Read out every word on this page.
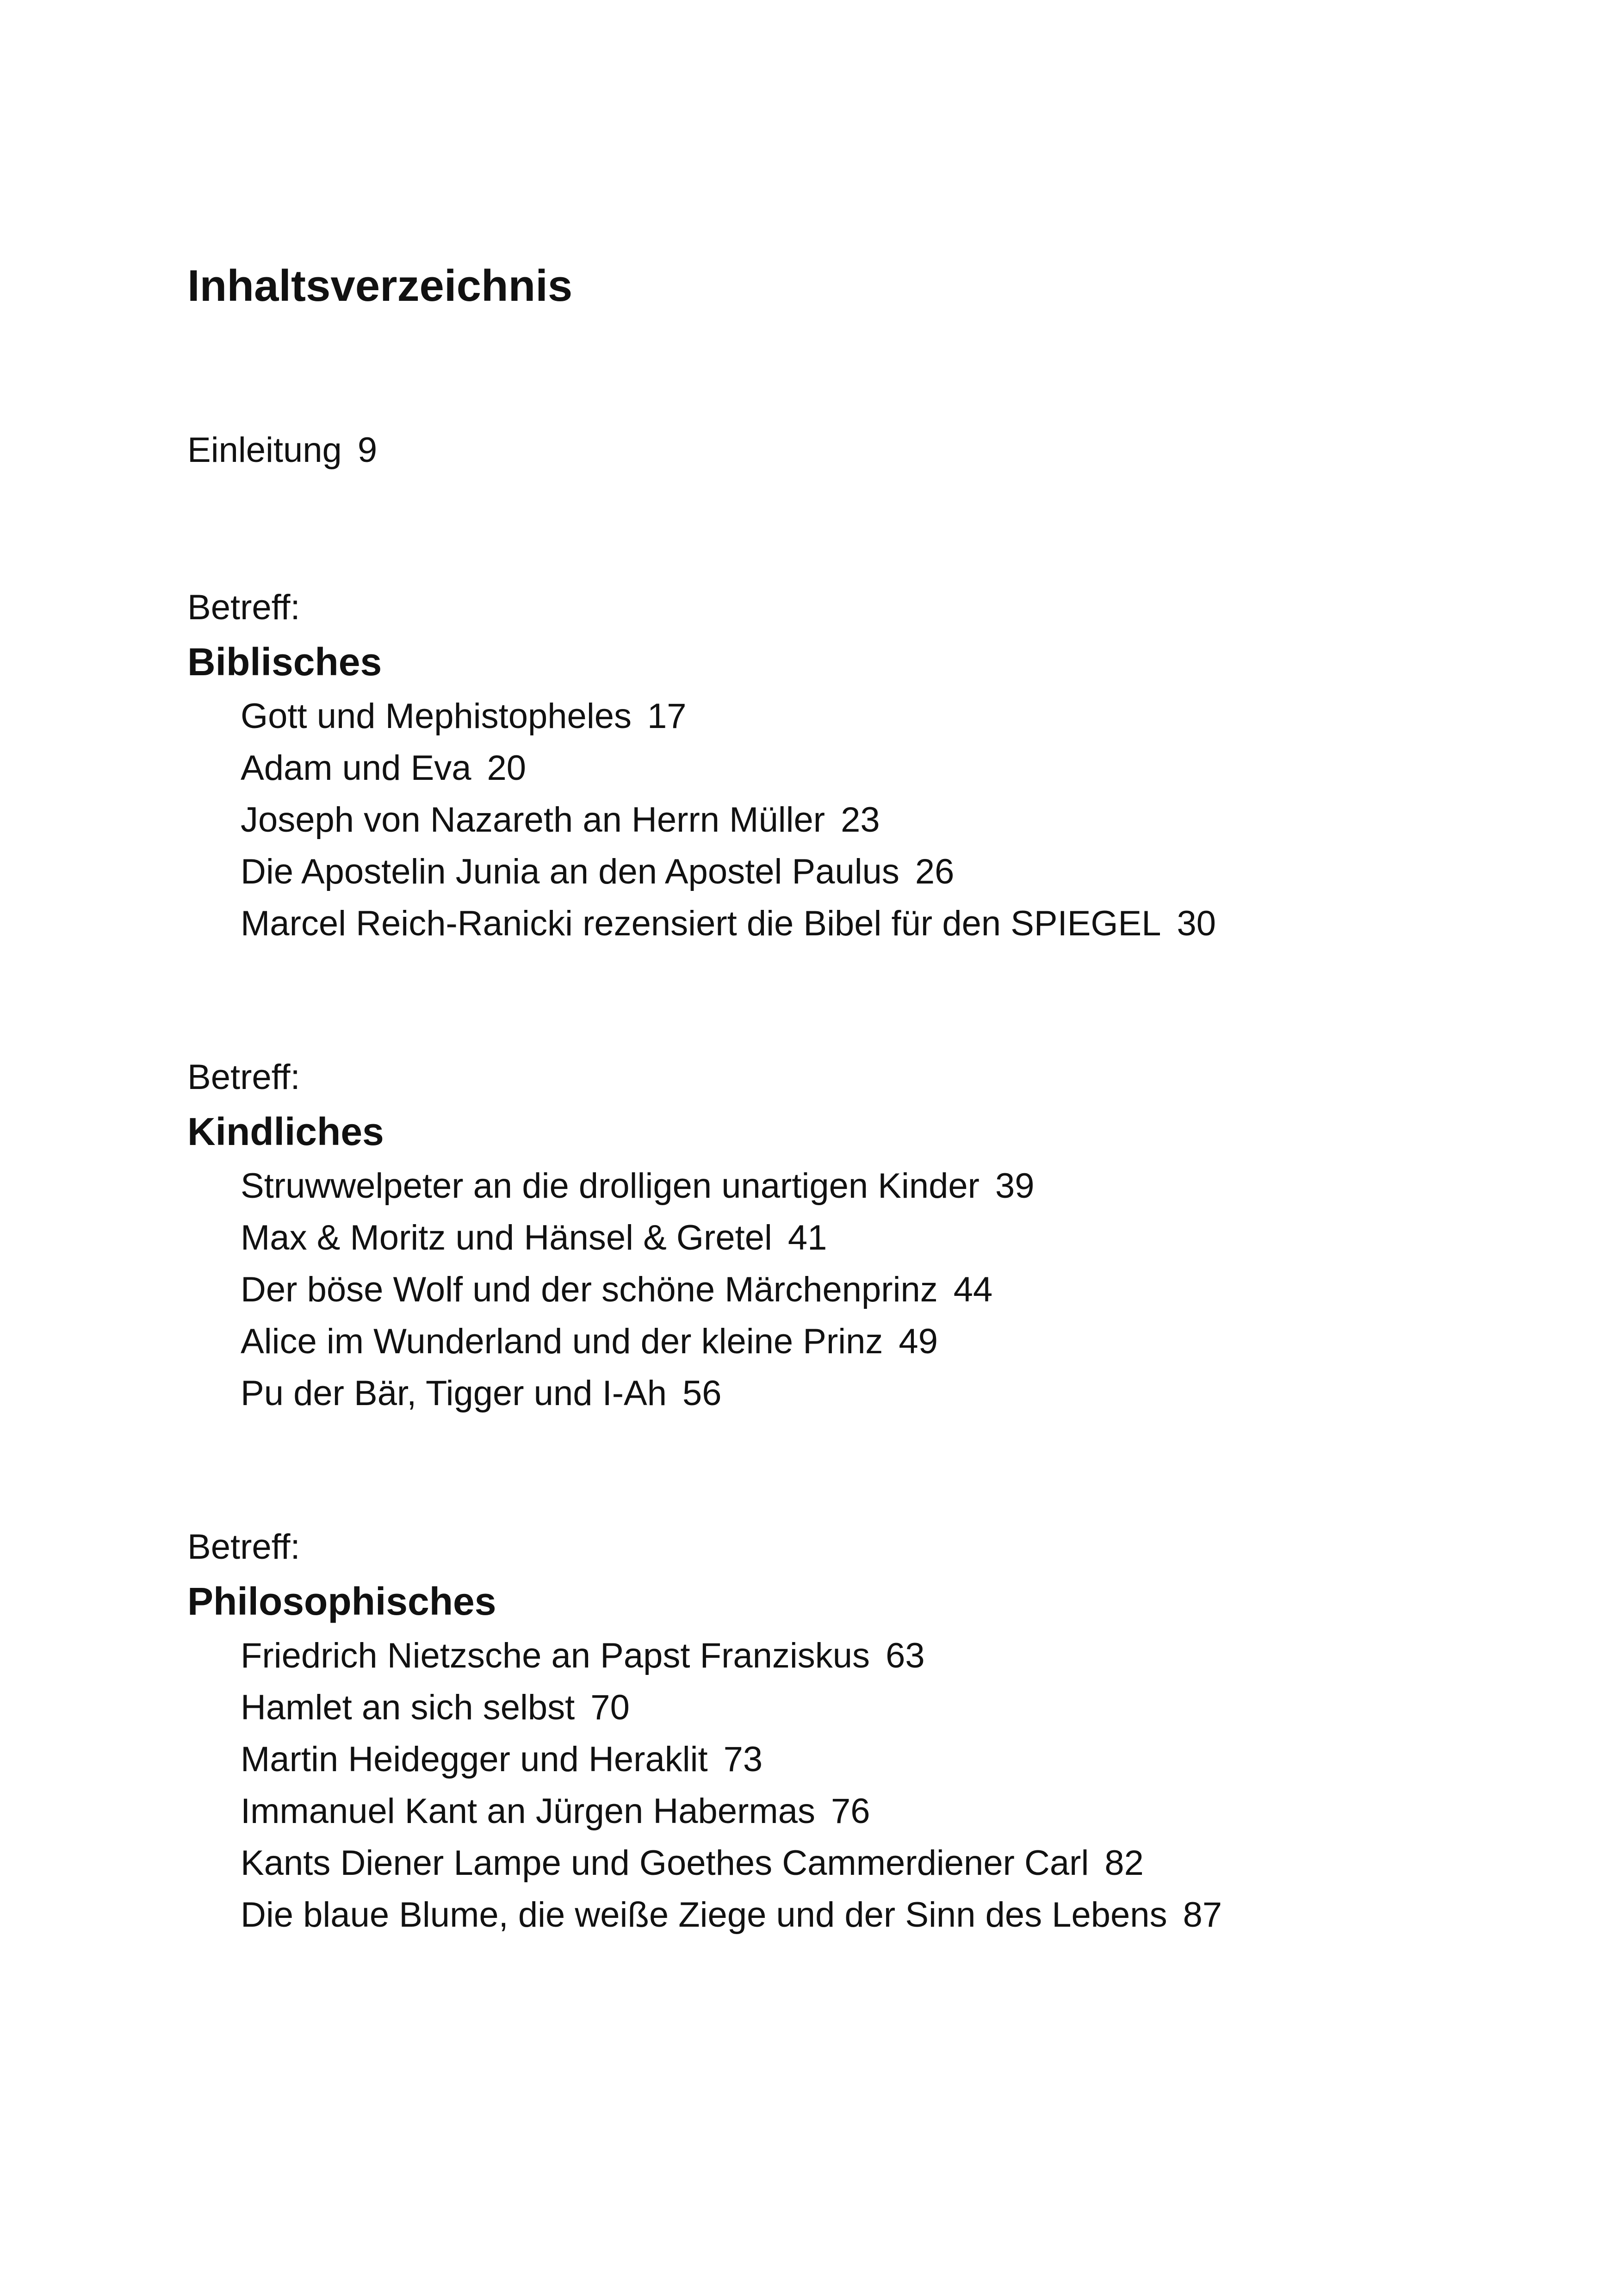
Inhaltsverzeichnis
Einleitung 9
Betreff:
Biblisches
Gott und Mephistopheles 17
Adam und Eva 20
Joseph von Nazareth an Herrn Müller 23
Die Apostelin Junia an den Apostel Paulus 26
Marcel Reich-Ranicki rezensiert die Bibel für den SPIEGEL 30
Betreff:
Kindliches
Struwwelpeter an die drolligen unartigen Kinder 39
Max & Moritz und Hänsel & Gretel 41
Der böse Wolf und der schöne Märchenprinz 44
Alice im Wunderland und der kleine Prinz 49
Pu der Bär, Tigger und I-Ah 56
Betreff:
Philosophisches
Friedrich Nietzsche an Papst Franziskus 63
Hamlet an sich selbst 70
Martin Heidegger und Heraklit 73
Immanuel Kant an Jürgen Habermas 76
Kants Diener Lampe und Goethes Cammerdiener Carl 82
Die blaue Blume, die weiße Ziege und der Sinn des Lebens 87
